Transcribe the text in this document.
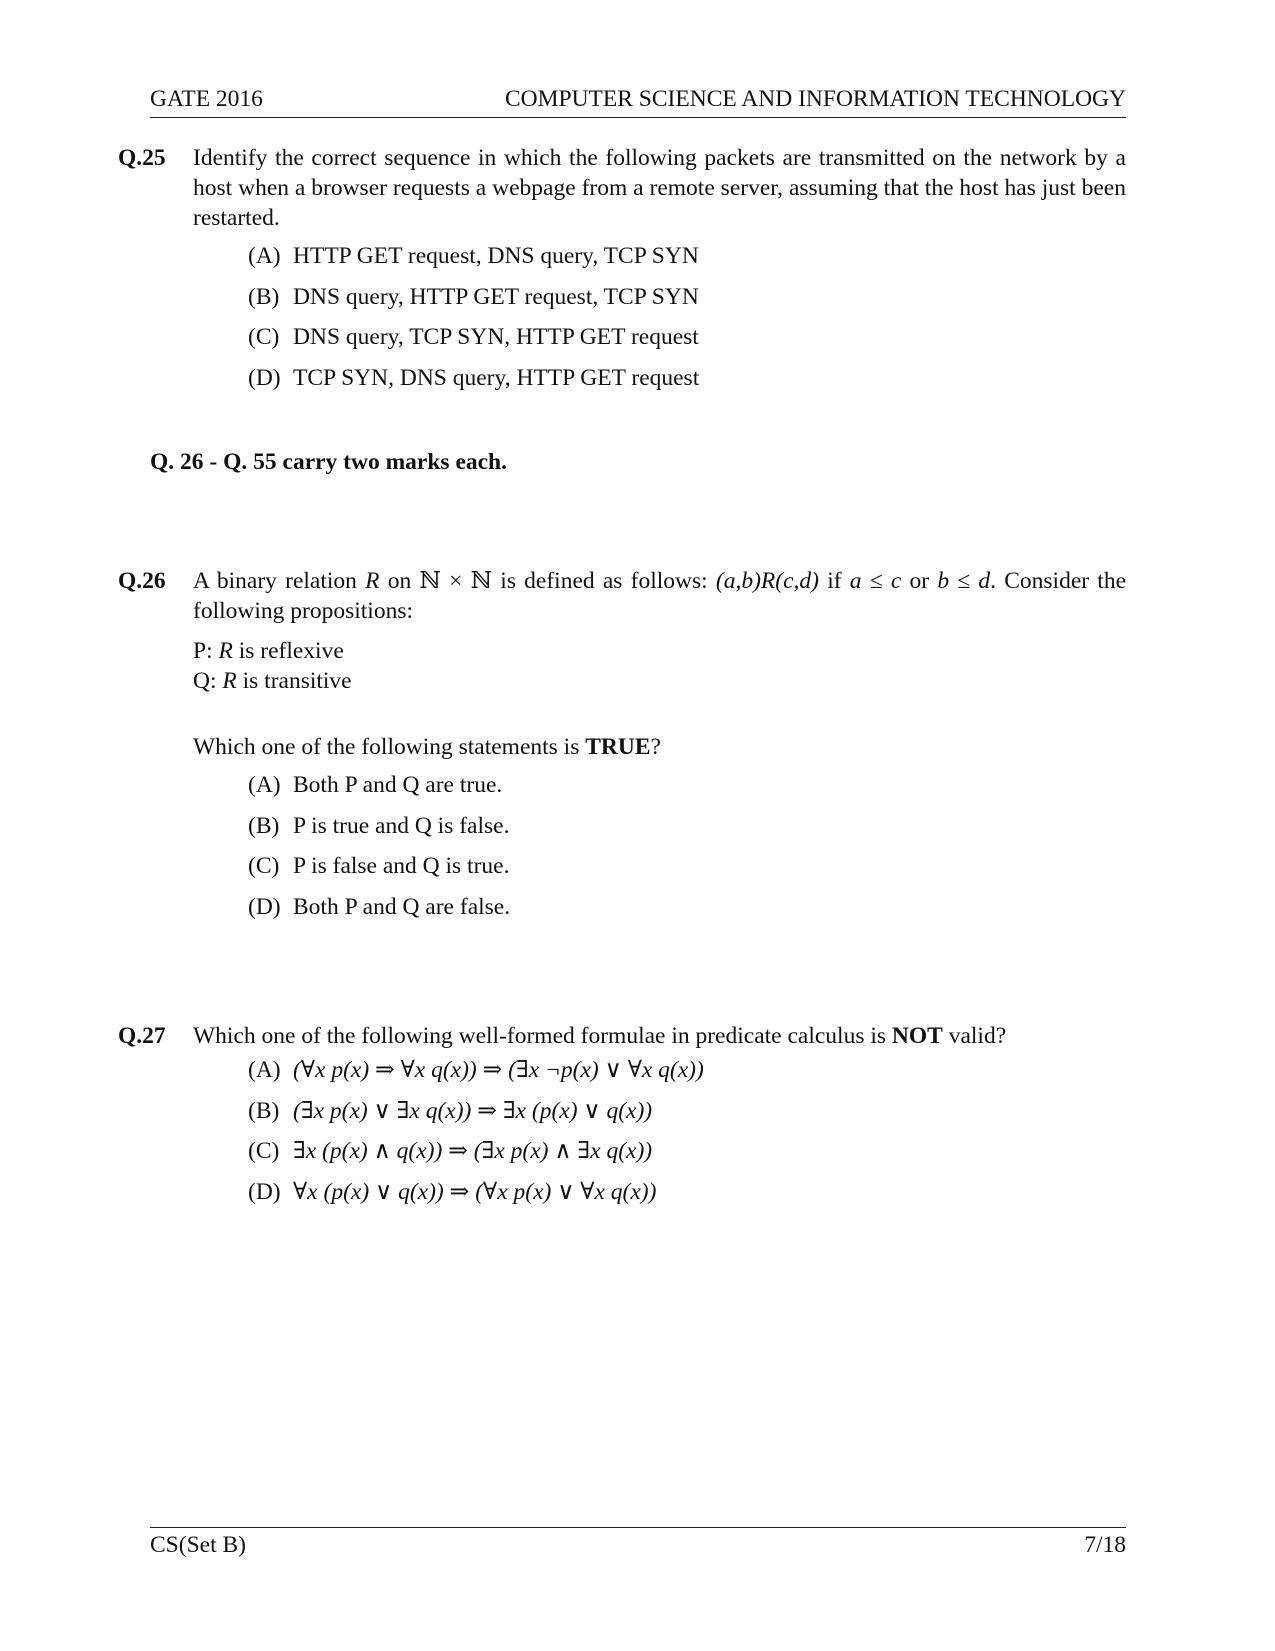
GATE 2016	COMPUTER SCIENCE AND INFORMATION TECHNOLOGY
Q.25 Identify the correct sequence in which the following packets are transmitted on the network by a host when a browser requests a webpage from a remote server, assuming that the host has just been restarted.
(A) HTTP GET request, DNS query, TCP SYN
(B) DNS query, HTTP GET request, TCP SYN
(C) DNS query, TCP SYN, HTTP GET request
(D) TCP SYN, DNS query, HTTP GET request
Q. 26 - Q. 55 carry two marks each.
Q.26 A binary relation R on ℕ × ℕ is defined as follows: (a,b)R(c,d) if a ≤ c or b ≤ d. Consider the following propositions:
P: R is reflexive
Q: R is transitive
Which one of the following statements is TRUE?
(A) Both P and Q are true.
(B) P is true and Q is false.
(C) P is false and Q is true.
(D) Both P and Q are false.
Q.27 Which one of the following well-formed formulae in predicate calculus is NOT valid?
(A) (∀x p(x) ⇒ ∀x q(x)) ⇒ (∃x ¬p(x) ∨ ∀x q(x))
(B) (∃x p(x) ∨ ∃x q(x)) ⇒ ∃x (p(x) ∨ q(x))
(C) ∃x (p(x) ∧ q(x)) ⇒ (∃x p(x) ∧ ∃x q(x))
(D) ∀x (p(x) ∨ q(x)) ⇒ (∀x p(x) ∨ ∀x q(x))
CS(Set B)	7/18
